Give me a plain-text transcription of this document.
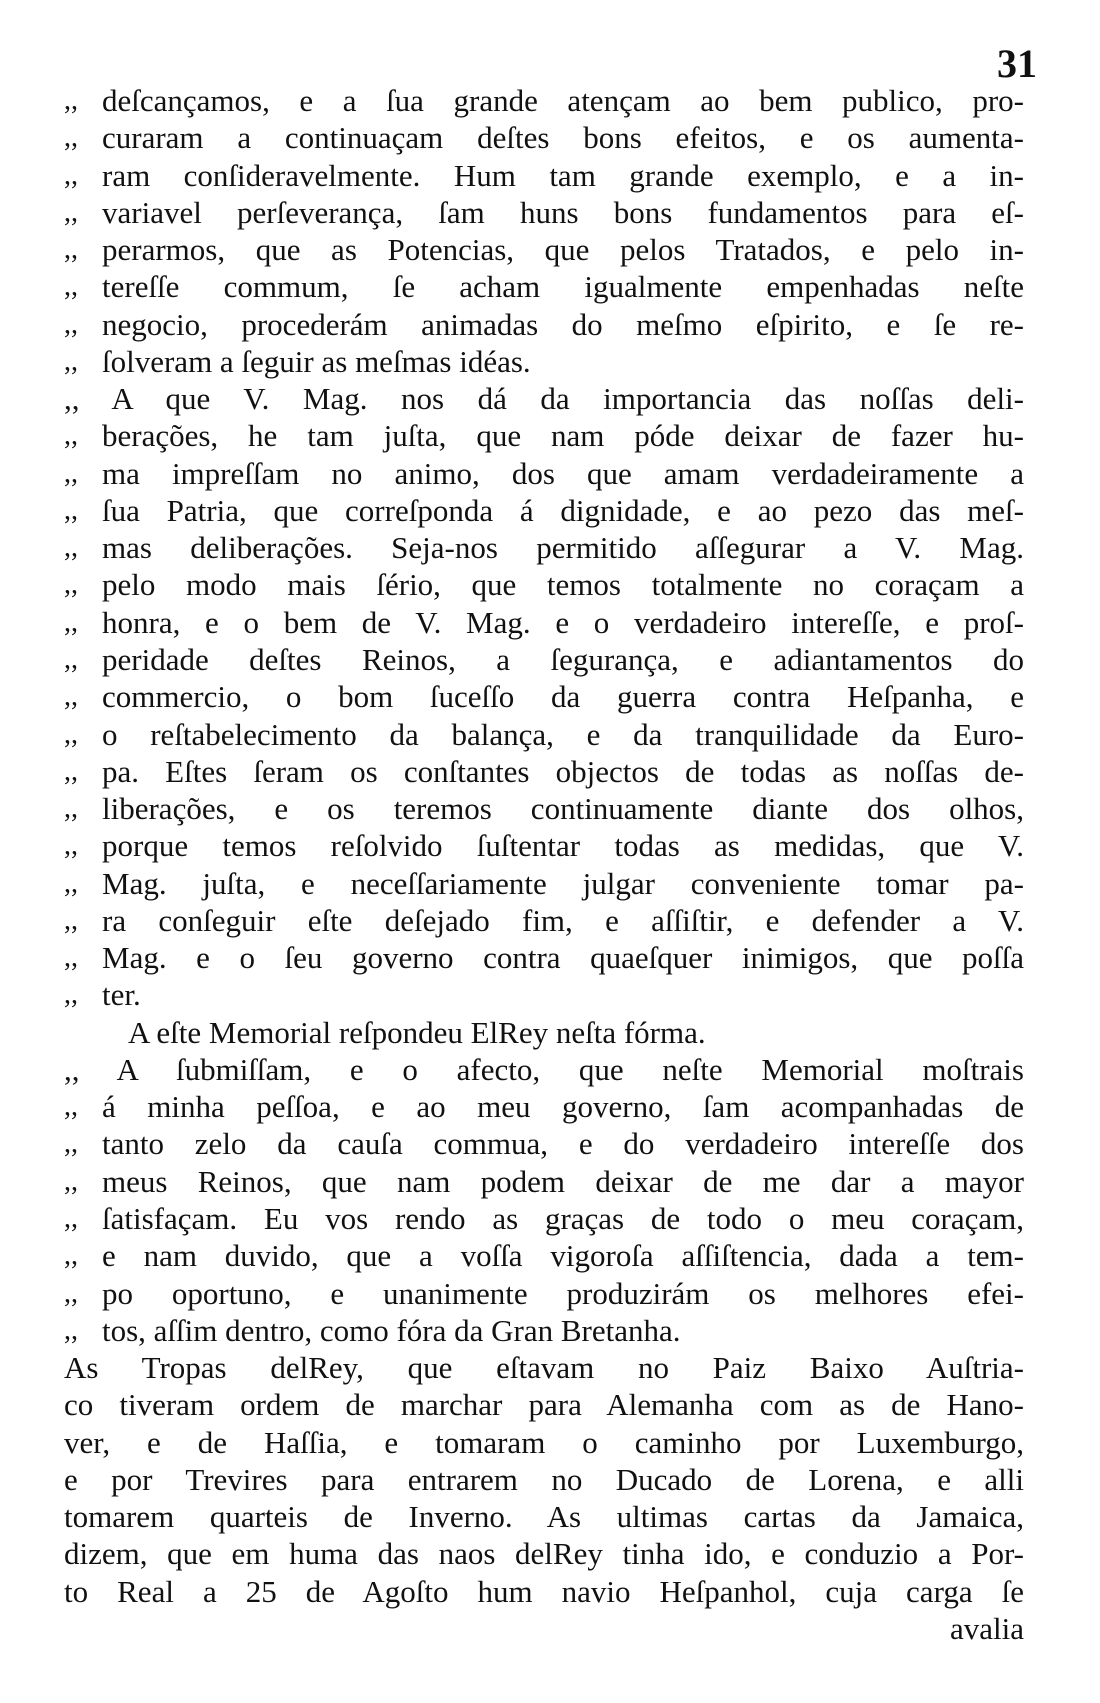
31
,, deſcançamos, e a ſua grande atençam ao bem publico, pro-
,, curaram a continuaçam deſtes bons efeitos, e os aumenta-
,, ram conſideravelmente. Hum tam grande exemplo, e a in-
,, variavel perſeverança, ſam huns bons fundamentos para eſ-
,, perarmos, que as Potencias, que pelos Tratados, e pelo in-
,, tereſſe commum, ſe acham igualmente empenhadas neſte
,, negocio, procederám animadas do meſmo eſpirito, e ſe re-
,, ſolveram a ſeguir as meſmas idéas.
,, A que V. Mag. nos dá da importancia das noſſas deli-
,, berações, he tam juſta, que nam póde deixar de fazer hu-
,, ma impreſſam no animo, dos que amam verdadeiramente a
,, ſua Patria, que correſponda á dignidade, e ao pezo das meſ-
,, mas deliberações. Seja-nos permitido aſſegurar a V. Mag.
,, pelo modo mais ſério, que temos totalmente no coraçam a
,, honra, e o bem de V. Mag. e o verdadeiro intereſſe, e proſ-
,, peridade deſtes Reinos, a ſegurança, e adiantamentos do
,, commercio, o bom ſuceſſo da guerra contra Heſpanha, e
,, o reſtabelecimento da balança, e da tranquilidade da Euro-
,, pa. Eſtes ſeram os conſtantes objectos de todas as noſſas de-
,, liberações, e os teremos continuamente diante dos olhos,
,, porque temos reſolvido ſuſtentar todas as medidas, que V.
,, Mag. juſta, e neceſſariamente julgar conveniente tomar pa-
,, ra conſeguir eſte deſejado fim, e aſſiſtir, e defender a V.
,, Mag. e o ſeu governo contra quaeſquer inimigos, que poſſa
,, ter.
A eſte Memorial reſpondeu ElRey neſta fórma.
,, A ſubmiſſam, e o afecto, que neſte Memorial moſtrais
,, á minha peſſoa, e ao meu governo, ſam acompanhadas de
,, tanto zelo da cauſa commua, e do verdadeiro intereſſe dos
,, meus Reinos, que nam podem deixar de me dar a mayor
,, ſatisfaçam. Eu vos rendo as graças de todo o meu coraçam,
,, e nam duvido, que a voſſa vigoroſa aſſiſtencia, dada a tem-
,, po oportuno, e unanimente produzirám os melhores efei-
,, tos, aſſim dentro, como fóra da Gran Bretanha.
As Tropas delRey, que eſtavam no Paiz Baixo Auſtria-
co tiveram ordem de marchar para Alemanha com as de Hano-
ver, e de Haſſia, e tomaram o caminho por Luxemburgo,
e por Trevires para entrarem no Ducado de Lorena, e alli
tomarem quarteis de Inverno. As ultimas cartas da Jamaica,
dizem, que em huma das naos delRey tinha ido, e conduzio a Por-
to Real a 25 de Agoſto hum navio Heſpanhol, cuja carga ſe
avalia
